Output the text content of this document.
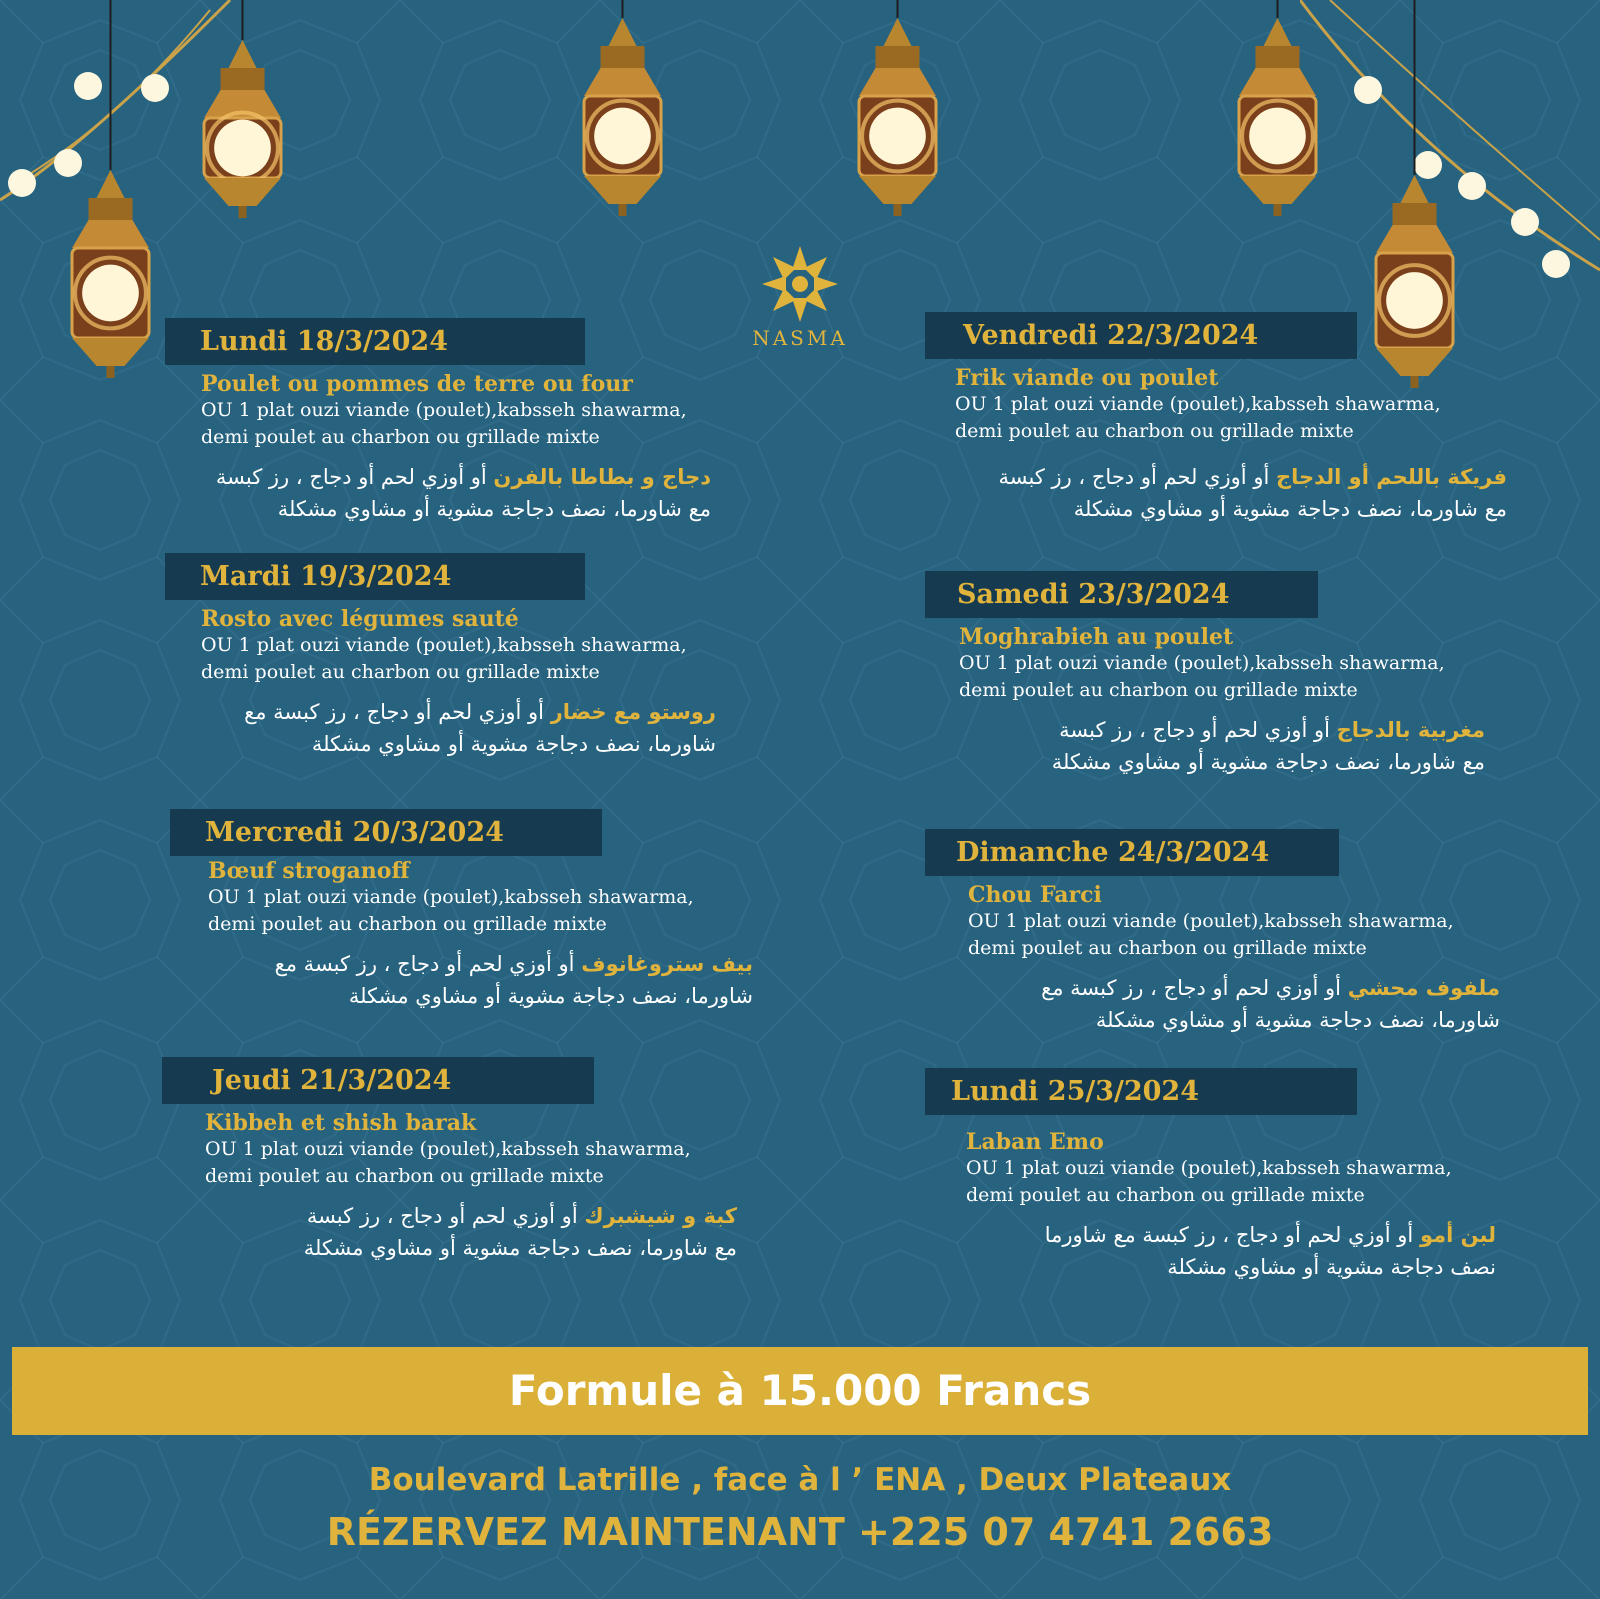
NASMA
Lundi 18/3/2024
Poulet ou pommes de terre ou four
OU 1 plat ouzi viande (poulet),kabsseh shawarma,
demi poulet au charbon ou grillade mixte
دجاج و بطاطا بالفرن أو أوزي لحم أو دجاج ، رز كبسة
مع شاورما، نصف دجاجة مشوية أو مشاوي مشكلة
Mardi 19/3/2024
Rosto avec légumes sauté
OU 1 plat ouzi viande (poulet),kabsseh shawarma,
demi poulet au charbon ou grillade mixte
روستو مع خضار أو أوزي لحم أو دجاج ، رز كبسة مع
شاورما، نصف دجاجة مشوية أو مشاوي مشكلة
Mercredi 20/3/2024
Bœuf stroganoff
OU 1 plat ouzi viande (poulet),kabsseh shawarma,
demi poulet au charbon ou grillade mixte
بيف ستروغانوف أو أوزي لحم أو دجاج ، رز كبسة مع
شاورما، نصف دجاجة مشوية أو مشاوي مشكلة
Jeudi 21/3/2024
Kibbeh et shish barak
OU 1 plat ouzi viande (poulet),kabsseh shawarma,
demi poulet au charbon ou grillade mixte
كبة و شيشبرك أو أوزي لحم أو دجاج ، رز كبسة
مع شاورما، نصف دجاجة مشوية أو مشاوي مشكلة
Vendredi 22/3/2024
Frik viande ou poulet
OU 1 plat ouzi viande (poulet),kabsseh shawarma,
demi poulet au charbon ou grillade mixte
فريكة باللحم أو الدجاج أو أوزي لحم أو دجاج ، رز كبسة
مع شاورما، نصف دجاجة مشوية أو مشاوي مشكلة
Samedi 23/3/2024
Moghrabieh au poulet
OU 1 plat ouzi viande (poulet),kabsseh shawarma,
demi poulet au charbon ou grillade mixte
مغربية بالدجاج أو أوزي لحم أو دجاج ، رز كبسة
مع شاورما، نصف دجاجة مشوية أو مشاوي مشكلة
Dimanche 24/3/2024
Chou Farci
OU 1 plat ouzi viande (poulet),kabsseh shawarma,
demi poulet au charbon ou grillade mixte
ملفوف محشي أو أوزي لحم أو دجاج ، رز كبسة مع
شاورما، نصف دجاجة مشوية أو مشاوي مشكلة
Lundi 25/3/2024
Laban Emo
OU 1 plat ouzi viande (poulet),kabsseh shawarma,
demi poulet au charbon ou grillade mixte
لبن أمو أو أوزي لحم أو دجاج ، رز كبسة مع شاورما
نصف دجاجة مشوية أو مشاوي مشكلة
Formule à 15.000 Francs
Boulevard Latrille , face à l ’ ENA , Deux Plateaux
RÉZERVEZ MAINTENANT +225 07 4741 2663
